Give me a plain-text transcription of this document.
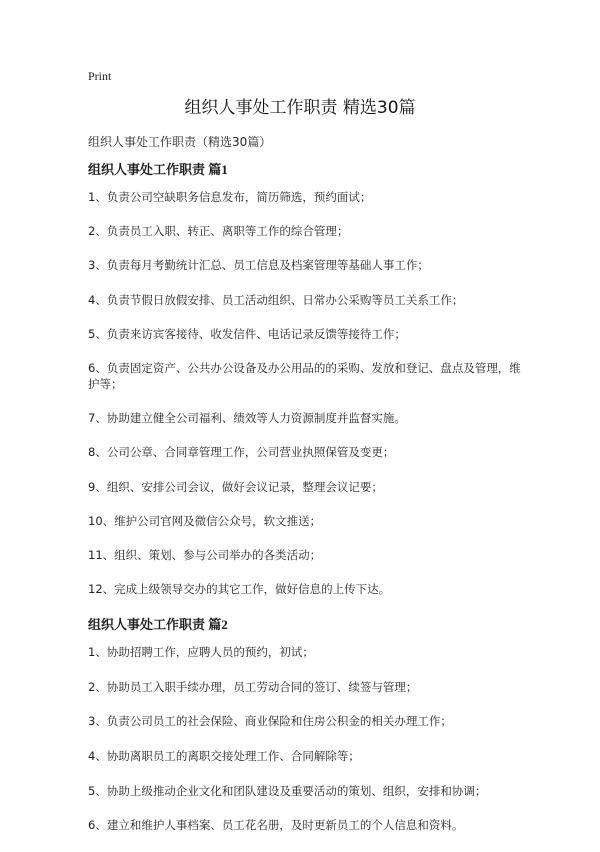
Print
组织人事处工作职责 精选30篇
组织人事处工作职责（精选30篇）
组织人事处工作职责 篇1

1、负责公司空缺职务信息发布，简历筛选，预约面试；

2、负责员工入职、转正、离职等工作的综合管理；

3、负责每月考勤统计汇总、员工信息及档案管理等基础人事工作；

4、负责节假日放假安排、员工活动组织、日常办公采购等员工关系工作；

5、负责来访宾客接待、收发信件、电话记录反馈等接待工作；

6、负责固定资产、公共办公设备及办公用品的的采购、发放和登记、盘点及管理，维护等；

7、协助建立健全公司福利、绩效等人力资源制度并监督实施。

8、公司公章、合同章管理工作，公司营业执照保管及变更；

9、组织、安排公司会议，做好会议记录，整理会议记要；

10、维护公司官网及微信公众号，软文推送；

11、组织、策划、参与公司举办的各类活动；

12、完成上级领导交办的其它工作，做好信息的上传下达。

组织人事处工作职责 篇2

1、协助招聘工作，应聘人员的预约，初试；

2、协助员工入职手续办理，员工劳动合同的签订、续签与管理；

3、负责公司员工的社会保险、商业保险和住房公积金的相关办理工作；

4、协助离职员工的离职交接处理工作、合同解除等；

5、协助上级推动企业文化和团队建设及重要活动的策划、组织，安排和协调；

6、建立和维护人事档案、员工花名册，及时更新员工的个人信息和资料。
